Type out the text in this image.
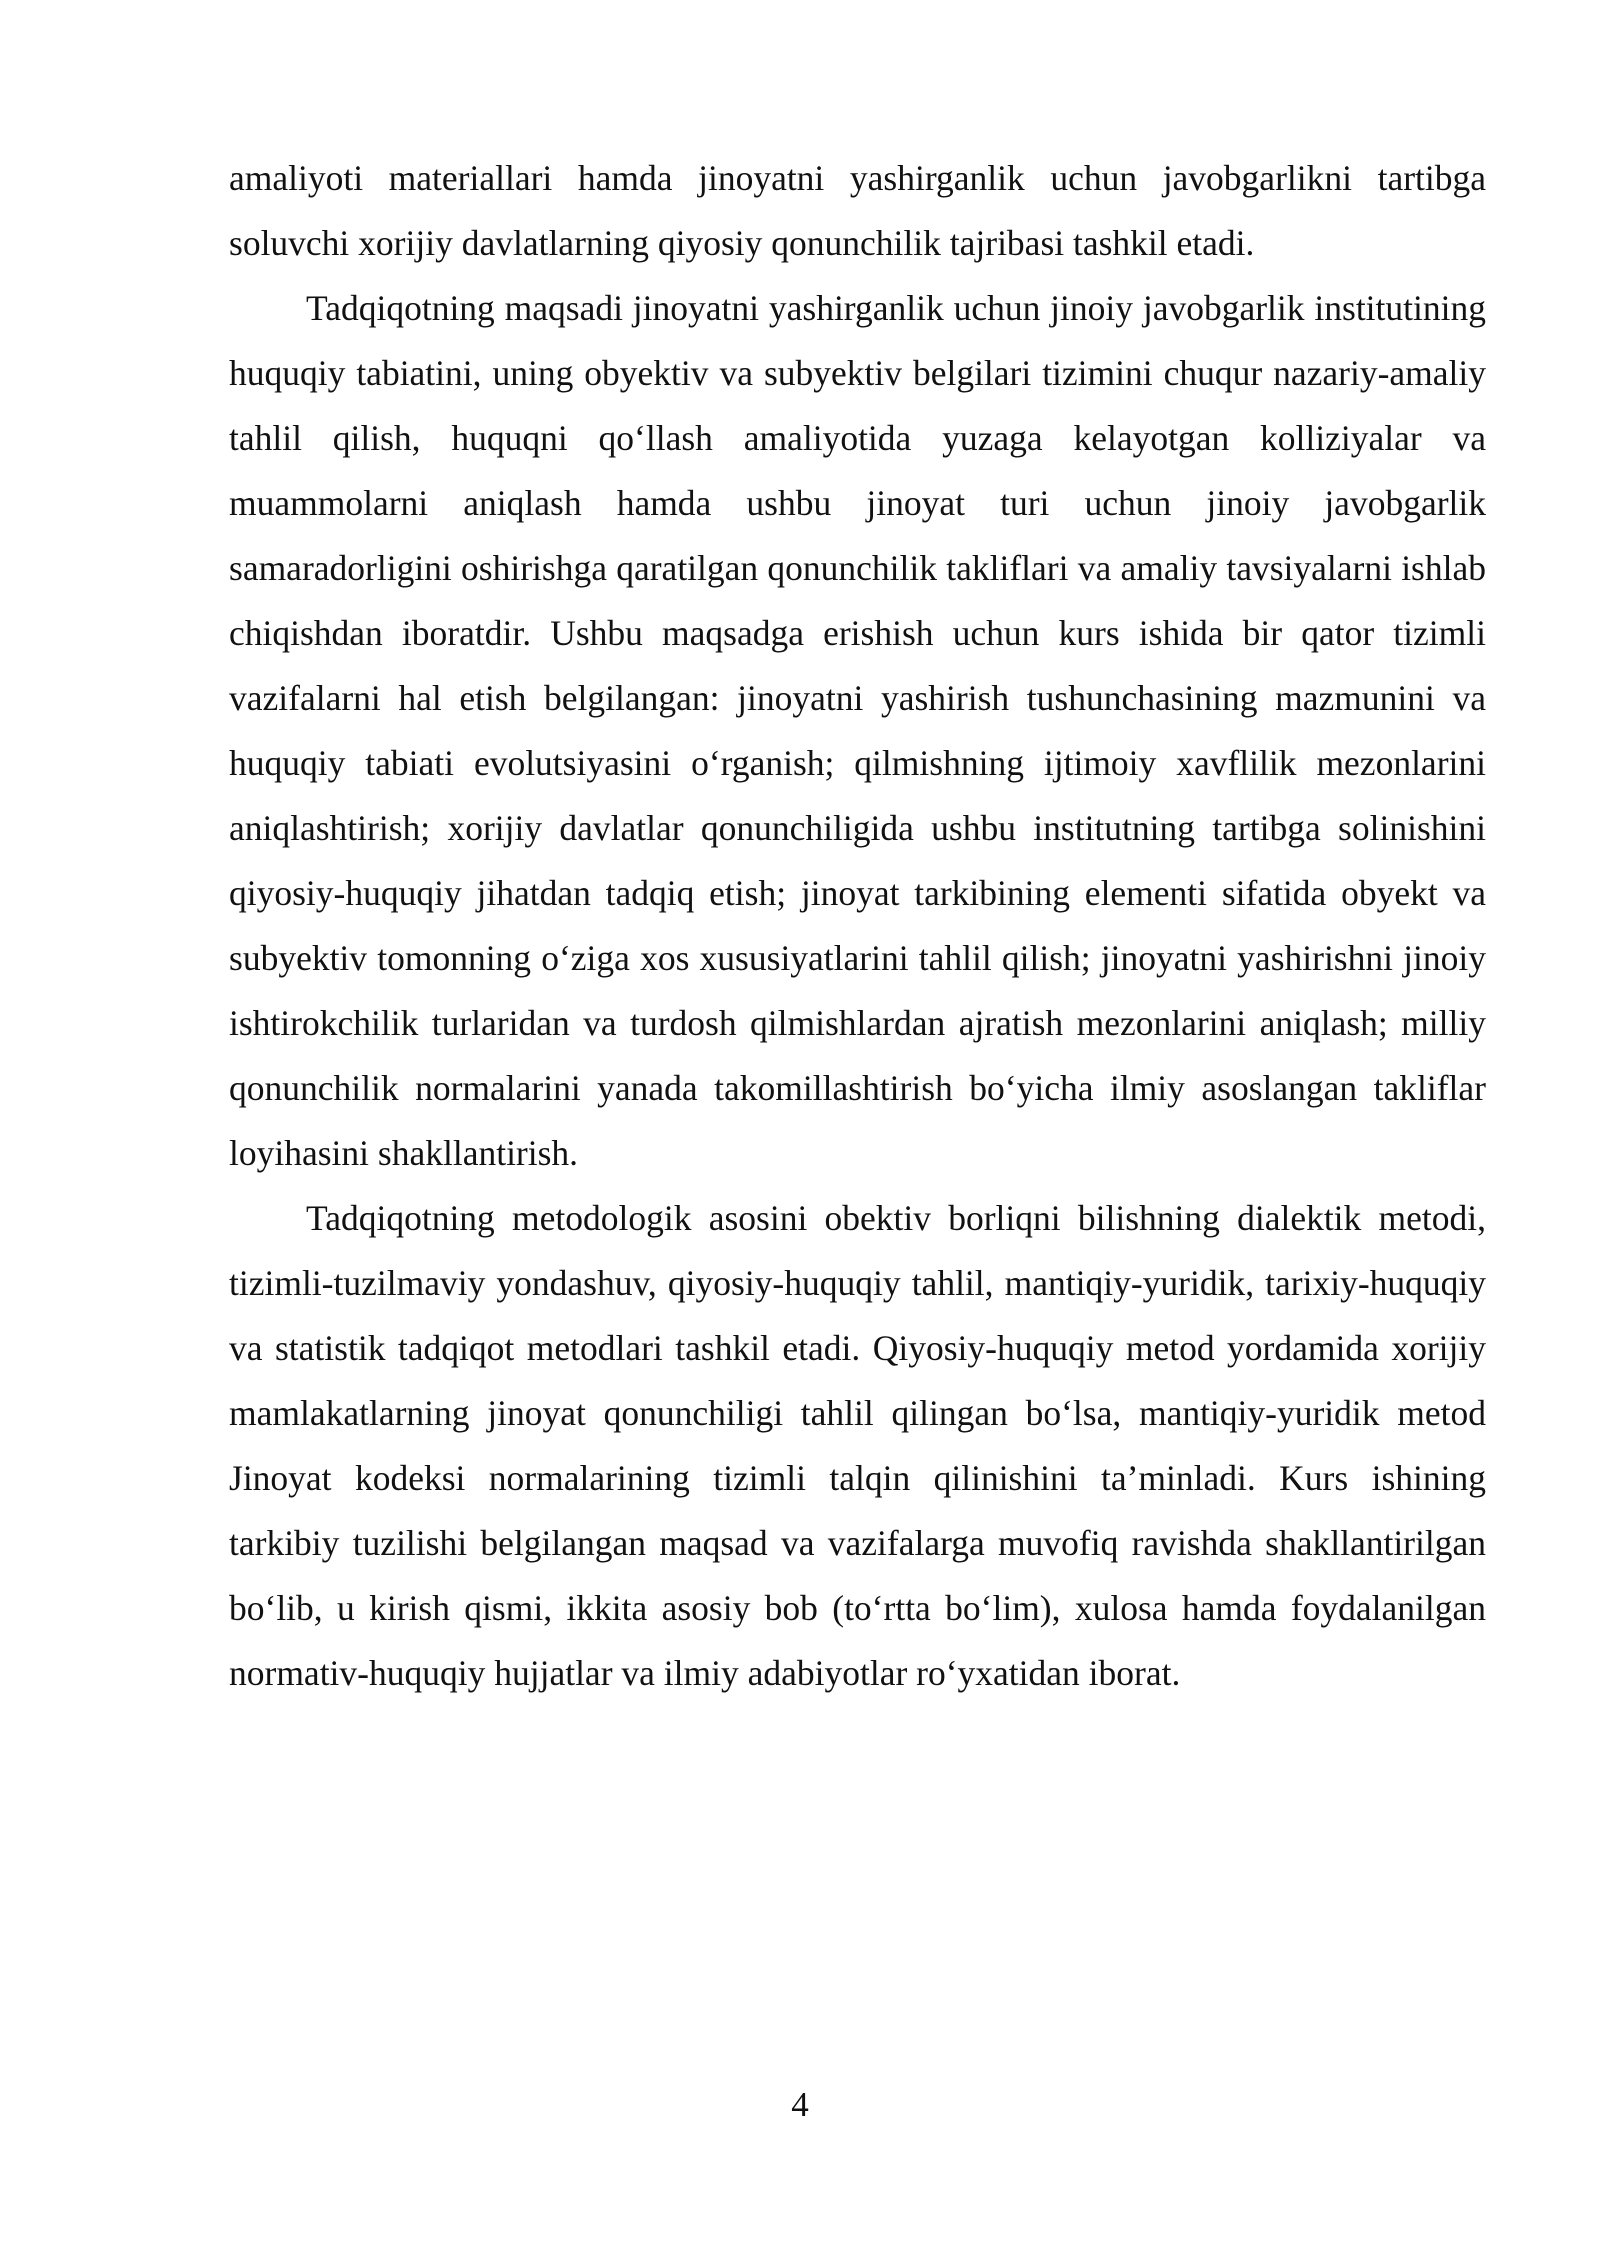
amaliyoti materiallari hamda jinoyatni yashirganlik uchun javobgarlikni tartibga soluvchi xorijiy davlatlarning qiyosiy qonunchilik tajribasi tashkil etadi.

Tadqiqotning maqsadi jinoyatni yashirganlik uchun jinoiy javobgarlik institutining huquqiy tabiatini, uning obyektiv va subyektiv belgilari tizimini chuqur nazariy-amaliy tahlil qilish, huquqni qo‘llash amaliyotida yuzaga kelayotgan kolliziyalar va muammolarni aniqlash hamda ushbu jinoyat turi uchun jinoiy javobgarlik samaradorligini oshirishga qaratilgan qonunchilik takliflari va amaliy tavsiyalarni ishlab chiqishdan iboratdir. Ushbu maqsadga erishish uchun kurs ishida bir qator tizimli vazifalarni hal etish belgilangan: jinoyatni yashirish tushunchasining mazmunini va huquqiy tabiati evolutsiyasini o‘rganish; qilmishning ijtimoiy xavflilik mezonlarini aniqlashtirish; xorijiy davlatlar qonunchiligida ushbu institutning tartibga solinishini qiyosiy-huquqiy jihatdan tadqiq etish; jinoyat tarkibining elementi sifatida obyekt va subyektiv tomonning o‘ziga xos xususiyatlarini tahlil qilish; jinoyatni yashirishni jinoiy ishtirokchilik turlaridan va turdosh qilmishlardan ajratish mezonlarini aniqlash; milliy qonunchilik normalarini yanada takomillashtirish bo‘yicha ilmiy asoslangan takliflar loyihasini shakllantirish.

Tadqiqotning metodologik asosini obektiv borliqni bilishning dialektik metodi, tizimli-tuzilmaviy yondashuv, qiyosiy-huquqiy tahlil, mantiqiy-yuridik, tarixiy-huquqiy va statistik tadqiqot metodlari tashkil etadi. Qiyosiy-huquqiy metod yordamida xorijiy mamlakatlarning jinoyat qonunchiligi tahlil qilingan bo‘lsa, mantiqiy-yuridik metod Jinoyat kodeksi normalarining tizimli talqin qilinishini ta’minladi. Kurs ishining tarkibiy tuzilishi belgilangan maqsad va vazifalarga muvofiq ravishda shakllantirilgan bo‘lib, u kirish qismi, ikkita asosiy bob (to‘rtta bo‘lim), xulosa hamda foydalanilgan normativ-huquqiy hujjatlar va ilmiy adabiyotlar ro‘yxatidan iborat.

4
